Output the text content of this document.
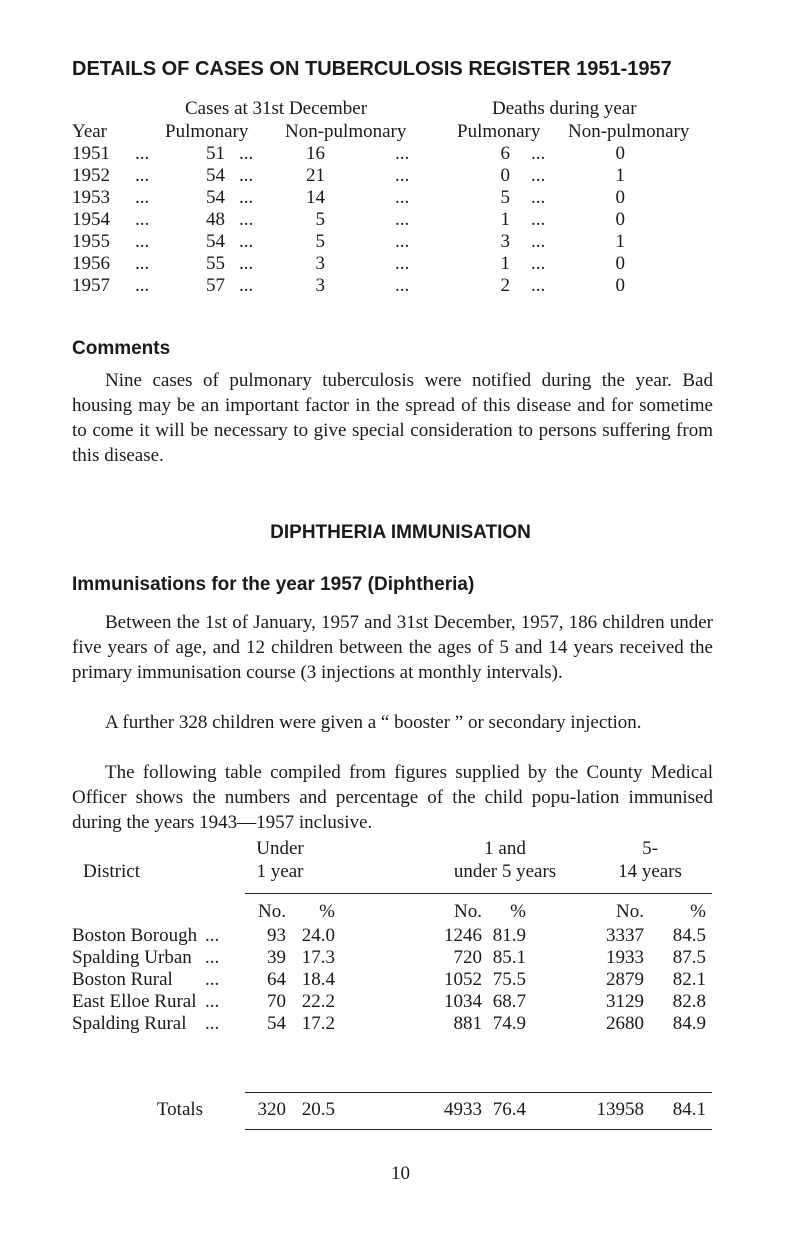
DETAILS OF CASES ON TUBERCULOSIS REGISTER 1951-1957
Cases at 31st December	Deaths during year
Year	Pulmonary Non-pulmonary	Pulmonary Non-pulmonary
1951	...	51 ...	16	...	6 ...	0
1952	...	54 ...	21	...	0 ...	1
1953	...	54 ...	14	...	5 ...	0
1954	...	48 ...	5	...	1 ...	0
1955	...	54 ...	5	...	3 ...	1
1956	...	55 ...	3	...	1 ...	0
1957	...	57 ...	3	...	2 ...	0
Comments
Nine cases of pulmonary tuberculosis were notified during the year. Bad housing may be an important factor in the spread of this disease and for sometime to come it will be necessary to give special consideration to persons suffering from this disease.
DIPHTHERIA IMMUNISATION
Immunisations for the year 1957 (Diphtheria)
Between the 1st of January, 1957 and 31st December, 1957, 186 children under five years of age, and 12 children between the ages of 5 and 14 years received the primary immunisation course (3 injections at monthly intervals).
A further 328 children were given a “ booster ” or secondary injection.
The following table compiled from figures supplied by the County Medical Officer shows the numbers and percentage of the child popu-lation immunised during the years 1943—1957 inclusive.
Under
1 year
1 and
under 5 years
5-
14 years
District
No.	%	No.	%	No.	%
Boston Borough ...	93 24.0	1246 81.9	3337	84.5
Spalding Urban ...	39 17.3	720 85.1	1933	87.5
Boston Rural	...	64 18.4	1052 75.5	2879	82.1
East Elloe Rural ...	70 22.2	1034 68.7	3129	82.8
Spalding Rural ...	54 17.2	881 74.9	2680	84.9
Totals	320 20.5	4933 76.4	13958	84.1
10
